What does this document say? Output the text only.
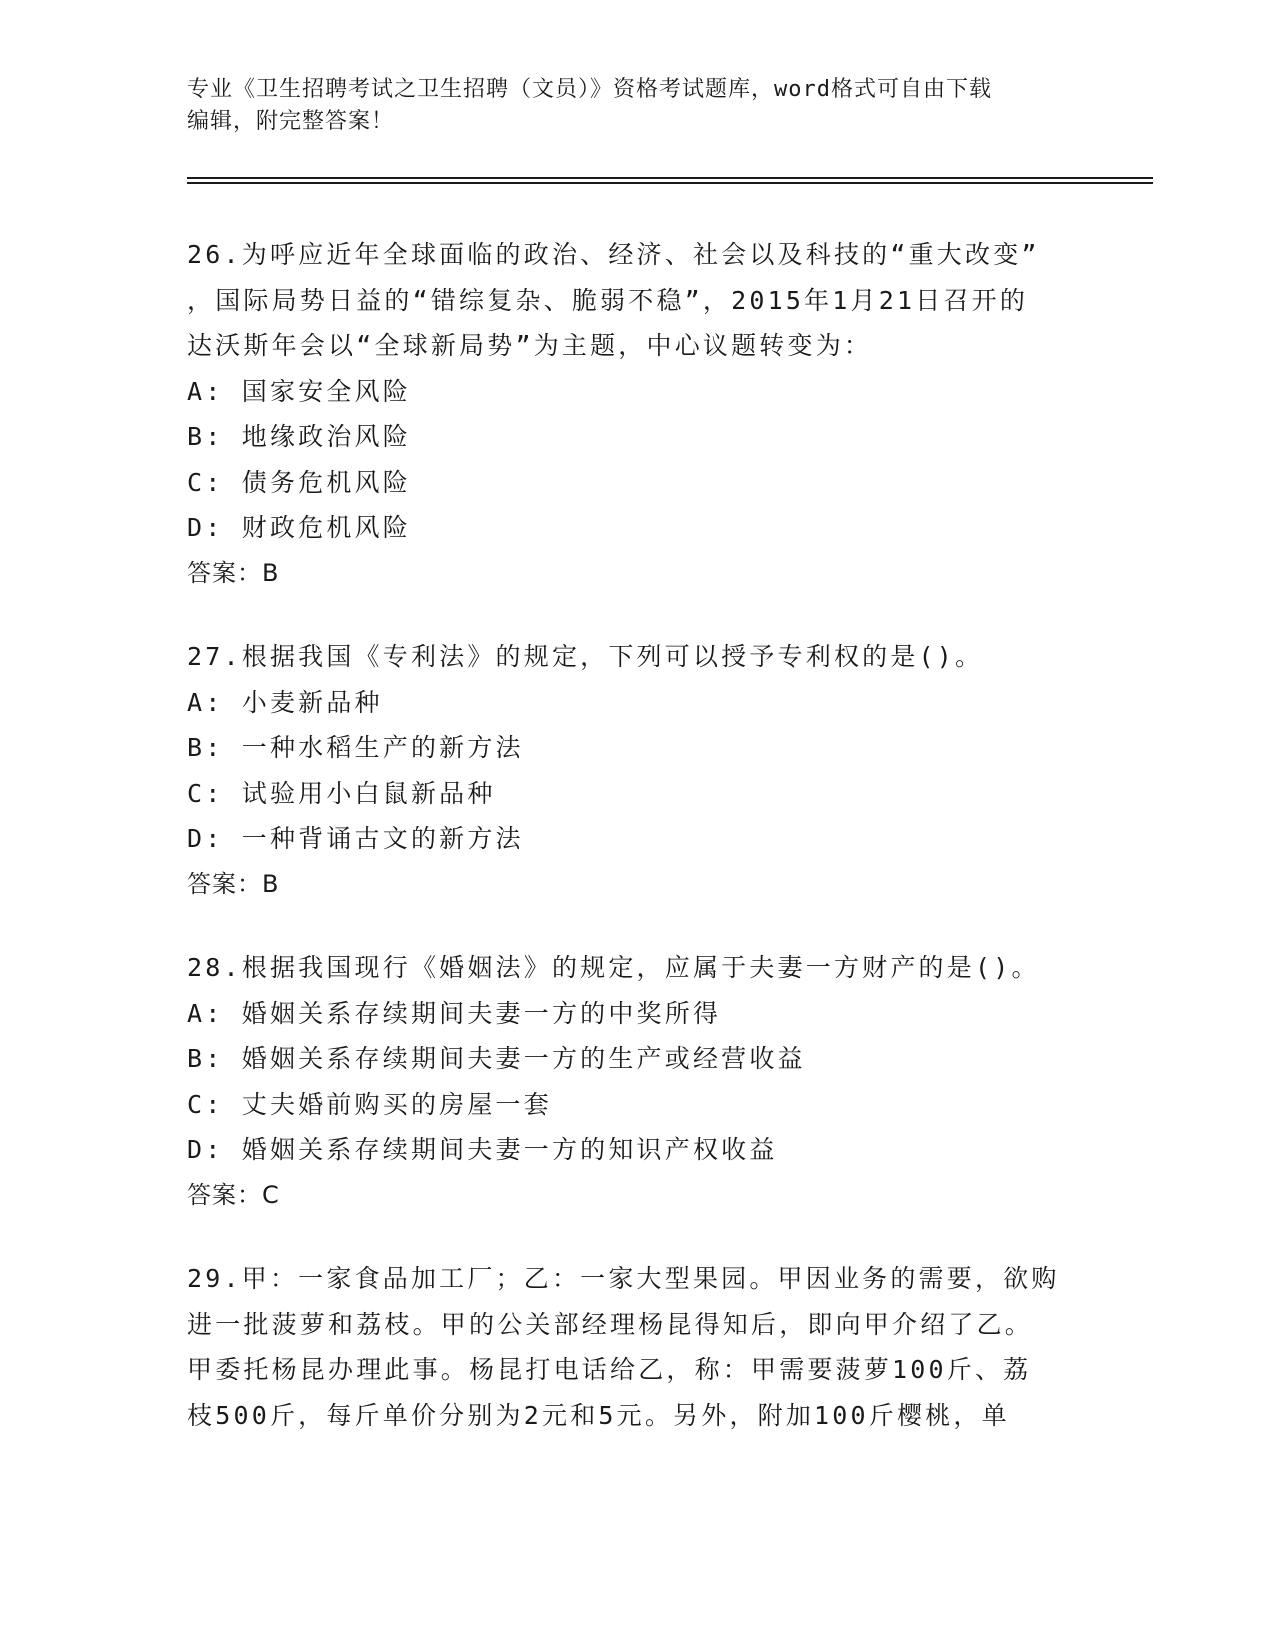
专业《卫生招聘考试之卫生招聘（文员）》资格考试题库，word格式可自由下载
编辑，附完整答案！
26.为呼应近年全球面临的政治、经济、社会以及科技的“重大改变”
，国际局势日益的“错综复杂、脆弱不稳”，2015年1月21日召开的
达沃斯年会以“全球新局势”为主题，中心议题转变为：
A: 国家安全风险
B: 地缘政治风险
C: 债务危机风险
D: 财政危机风险
答案：B
27.根据我国《专利法》的规定，下列可以授予专利权的是()。
A: 小麦新品种
B: 一种水稻生产的新方法
C: 试验用小白鼠新品种
D: 一种背诵古文的新方法
答案：B
28.根据我国现行《婚姻法》的规定，应属于夫妻一方财产的是()。
A: 婚姻关系存续期间夫妻一方的中奖所得
B: 婚姻关系存续期间夫妻一方的生产或经营收益
C: 丈夫婚前购买的房屋一套
D: 婚姻关系存续期间夫妻一方的知识产权收益
答案：C
29.甲：一家食品加工厂；乙：一家大型果园。甲因业务的需要，欲购
进一批菠萝和荔枝。甲的公关部经理杨昆得知后，即向甲介绍了乙。
甲委托杨昆办理此事。杨昆打电话给乙，称：甲需要菠萝100斤、荔
枝500斤，每斤单价分别为2元和5元。另外，附加100斤樱桃，单
